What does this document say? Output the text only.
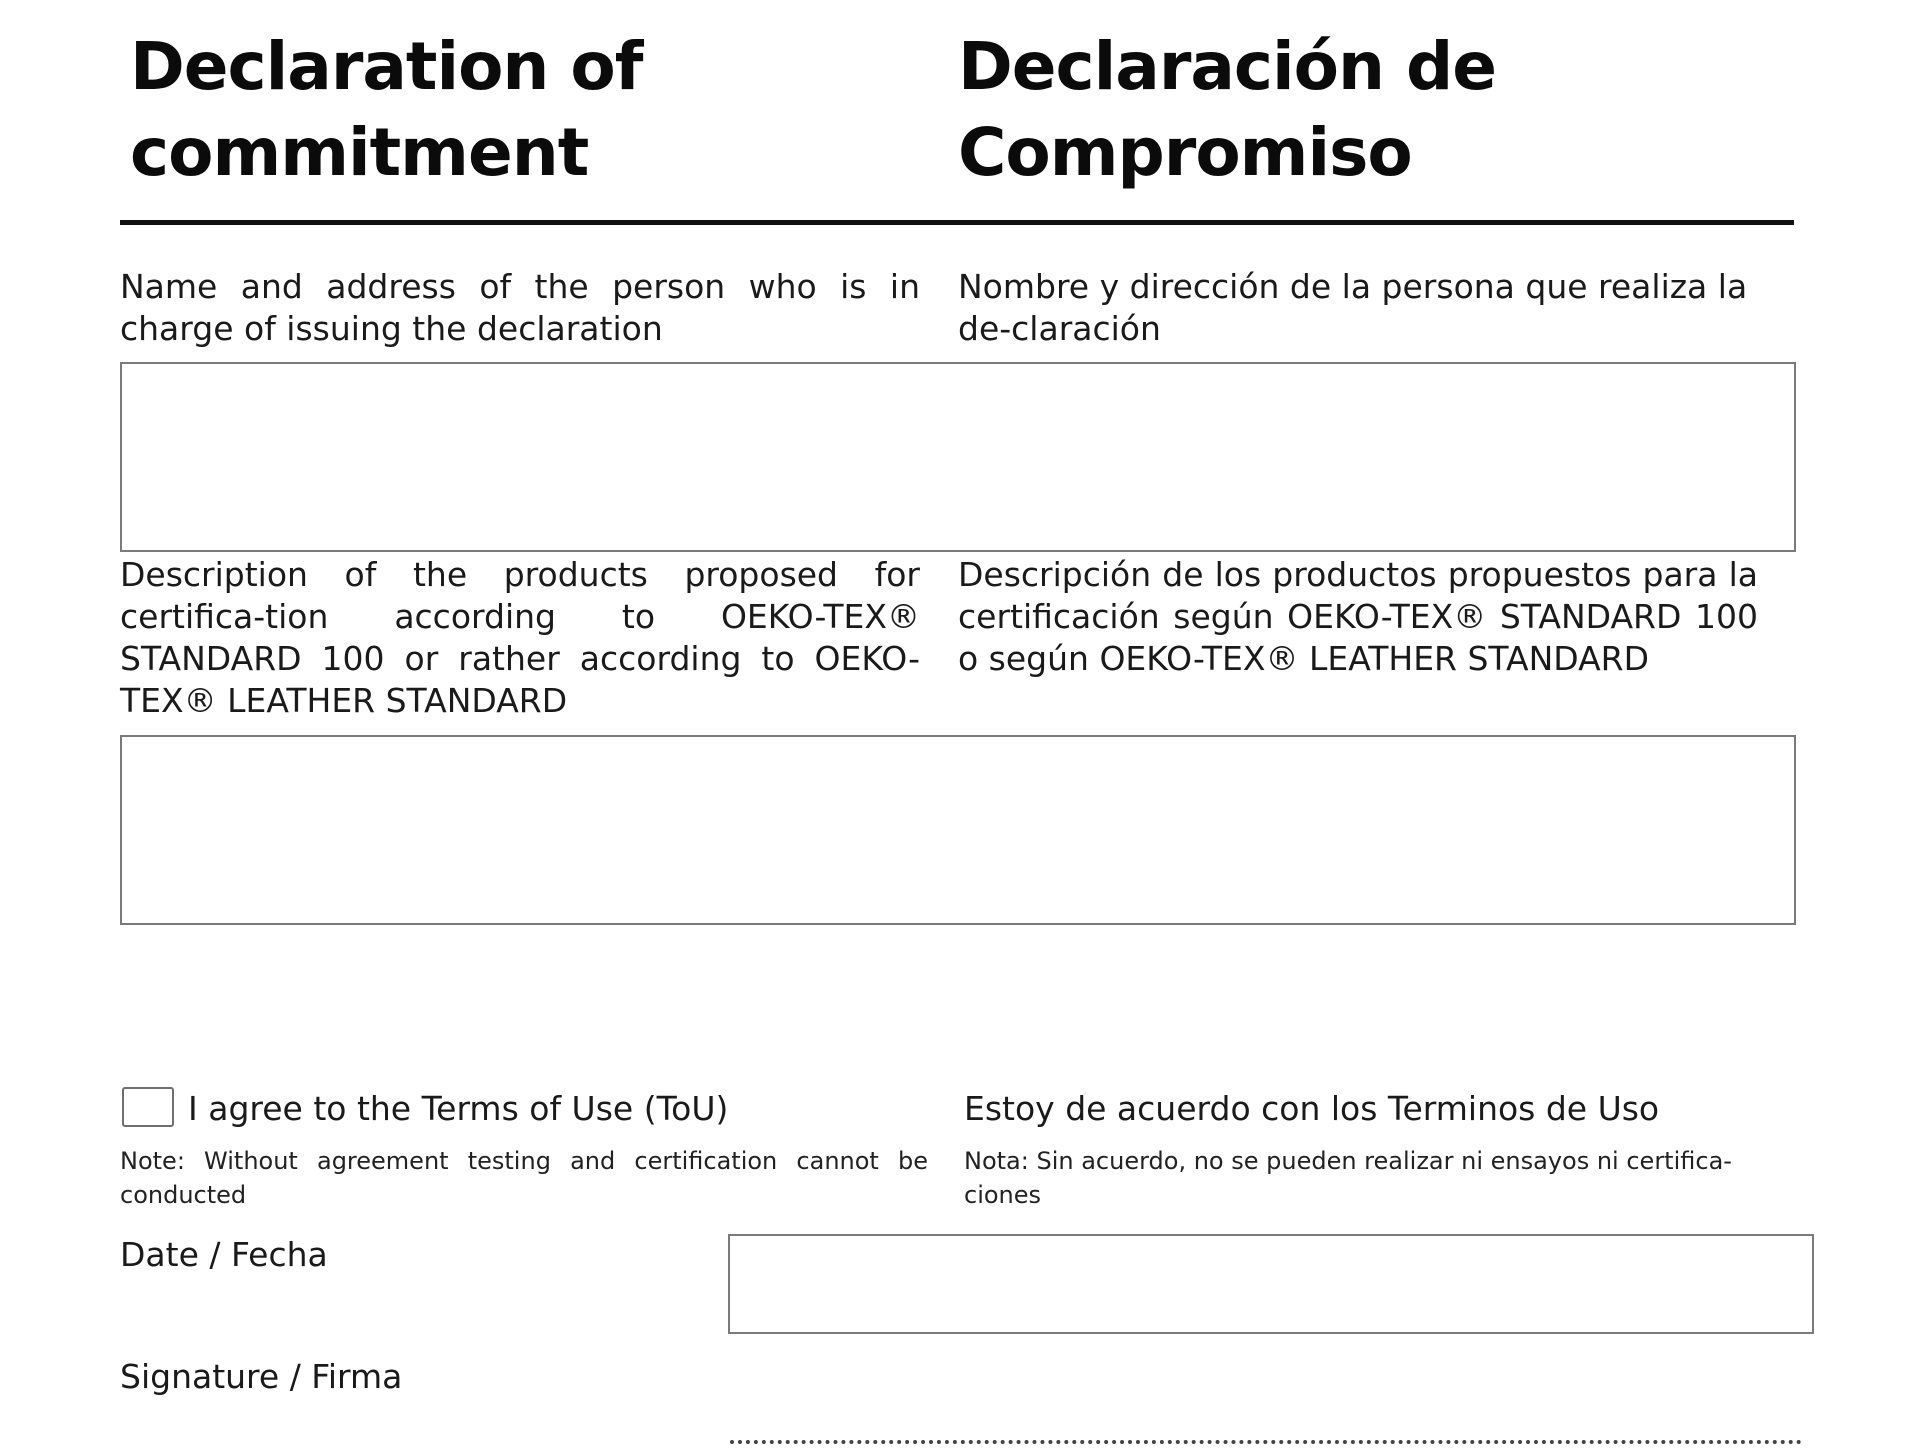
Declaration of
commitment
Declaración de
Compromiso

Name and address of the person who is in charge of issuing the declaration

Nombre y dirección de la persona que realiza la de-claración

Description of the products proposed for certifica-tion according to OEKO-TEX® STANDARD 100 or rather according to OEKO-TEX® LEATHER STANDARD

Descripción de los productos propuestos para la certificación según OEKO-TEX® STANDARD 100 o según OEKO-TEX® LEATHER STANDARD

I agree to the Terms of Use (ToU)	Estoy de acuerdo con los Terminos de Uso

Note: Without agreement testing and certification cannot be conducted

Nota: Sin acuerdo, no se pueden realizar ni ensayos ni certifica-ciones

Date / Fecha
Signature / Firma
